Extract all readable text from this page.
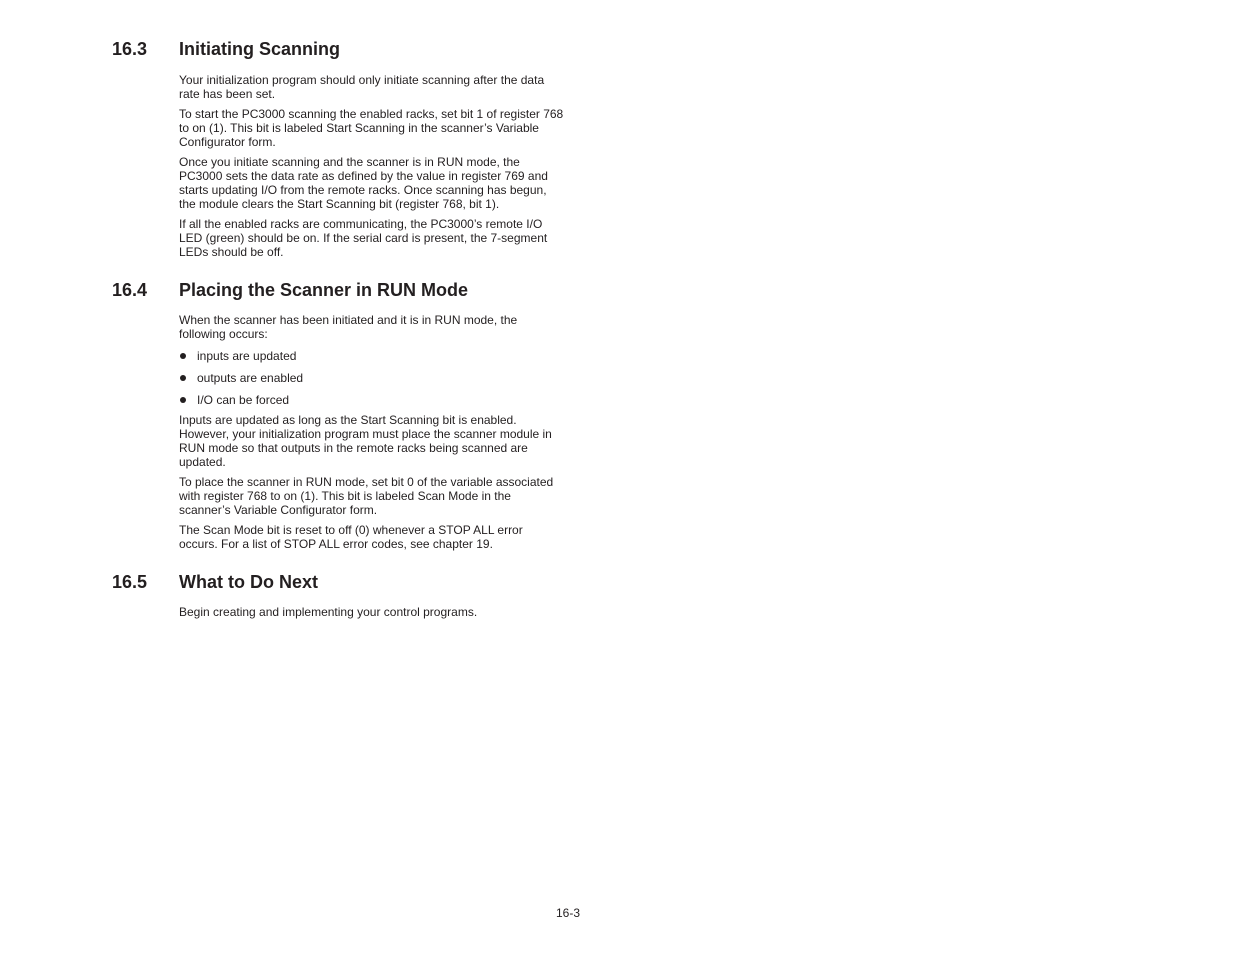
16.3	Initiating Scanning

Your initialization program should only initiate scanning after the data rate has been set.

To start the PC3000 scanning the enabled racks, set bit 1 of register 768 to on (1). This bit is labeled Start Scanning in the scanner’s Variable Configurator form.

Once you initiate scanning and the scanner is in RUN mode, the PC3000 sets the data rate as defined by the value in register 769 and starts updating I/O from the remote racks. Once scanning has begun, the module clears the Start Scanning bit (register 768, bit 1).

If all the enabled racks are communicating, the PC3000’s remote I/O LED (green) should be on. If the serial card is present, the 7-segment LEDs should be off.

16.4	Placing the Scanner in RUN Mode

When the scanner has been initiated and it is in RUN mode, the following occurs:

inputs are updated
outputs are enabled
I/O can be forced

Inputs are updated as long as the Start Scanning bit is enabled. However, your initialization program must place the scanner module in RUN mode so that outputs in the remote racks being scanned are updated.

To place the scanner in RUN mode, set bit 0 of the variable associated with register 768 to on (1). This bit is labeled Scan Mode in the scanner’s Variable Configurator form.

The Scan Mode bit is reset to off (0) whenever a STOP ALL error occurs. For a list of STOP ALL error codes, see chapter 19.

16.5	What to Do Next

Begin creating and implementing your control programs.

16-3
